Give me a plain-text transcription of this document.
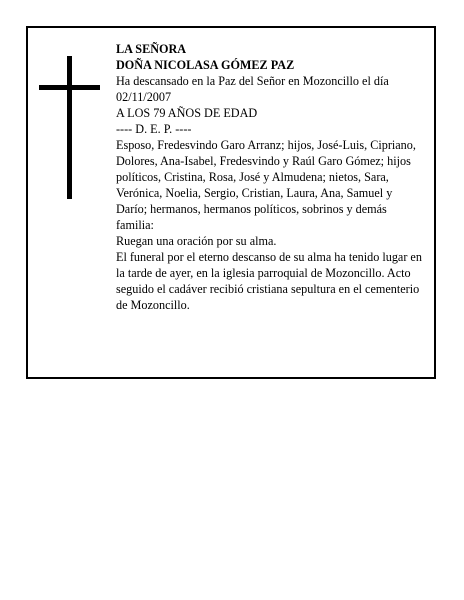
LA SEÑORA

DOÑA NICOLASA GÓMEZ PAZ

Ha descansado en la Paz del Señor en Mozoncillo el día 02/11/2007

A LOS 79 AÑOS DE EDAD

---- D. E. P. ----

Esposo, Fredesvindo Garo Arranz; hijos, José-Luis, Cipriano, Dolores, Ana-Isabel, Fredesvindo y Raúl Garo Gómez; hijos políticos, Cristina, Rosa, José y Almudena; nietos, Sara, Verónica, Noelia, Sergio, Cristian, Laura, Ana, Samuel y Darío; hermanos, hermanos políticos, sobrinos y demás familia:

Ruegan una oración por su alma.

El funeral por el eterno descanso de su alma ha tenido lugar en la tarde de ayer, en la iglesia parroquial de Mozoncillo. Acto seguido el cadáver recibió cristiana sepultura en el cementerio de Mozoncillo.
